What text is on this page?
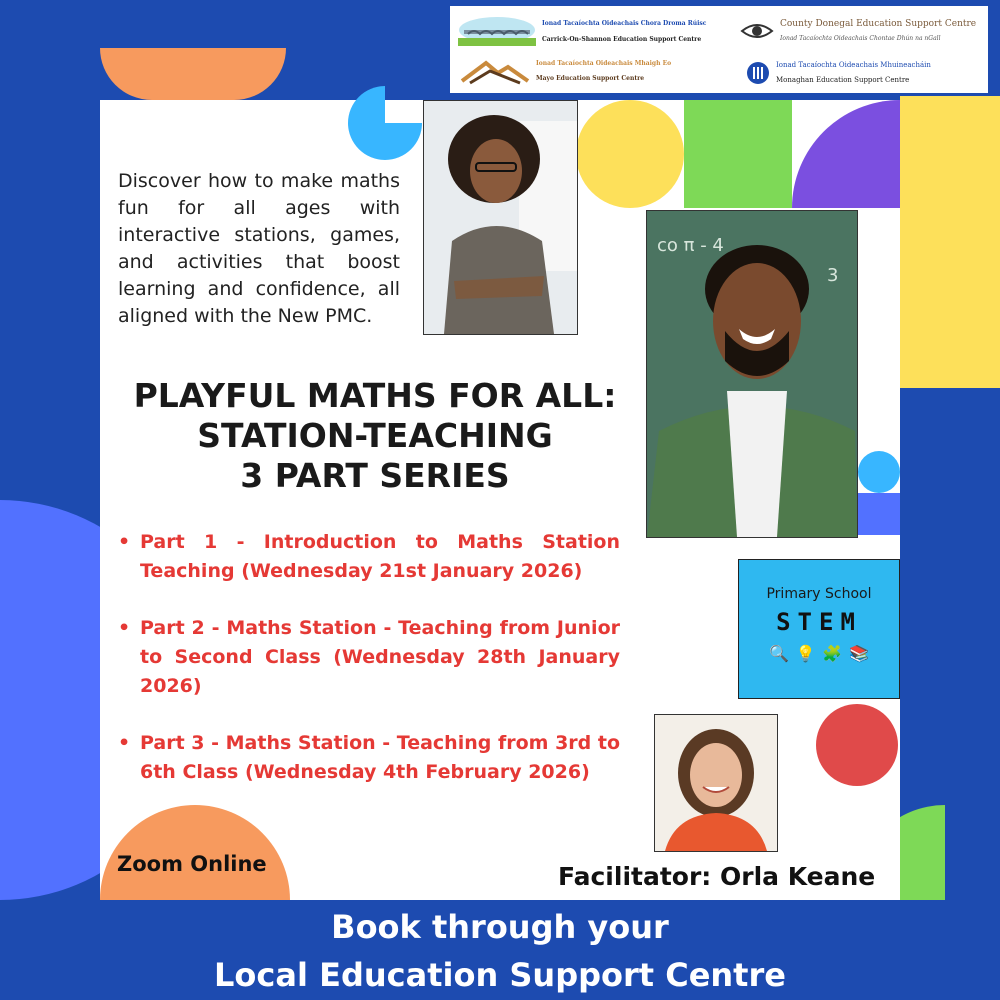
Ionad Tacaíochta Oideachais Chora Droma Rúisc
Carrick-On-Shannon Education Support Centre
County Donegal Education Support Centre
Ionad Tacaíochta Oideachais Chontae Dhún na nGall
Ionad Tacaíochta Oideachais Mhaigh Eo
Mayo Education Support Centre
Ionad Tacaíochta Oideachais Mhuineacháin
Monaghan Education Support Centre
co π - 4
3
Primary School
STEM
🔍 💡 🧩 📚
Discover how to make maths fun for all ages with interactive stations, games, and activities that boost learning and confidence, all aligned with the New PMC.
PLAYFUL MATHS FOR ALL:
STATION-TEACHING
3 PART SERIES
• Part 1 - Introduction to Maths Station Teaching (Wednesday 21st January 2026)
• Part 2 - Maths Station - Teaching from Junior to Second Class (Wednesday 28th January 2026)
• Part 3 - Maths Station - Teaching from 3rd to 6th Class (Wednesday 4th February 2026)
Zoom Online	Facilitator: Orla Keane
Book through your
Local Education Support Centre
